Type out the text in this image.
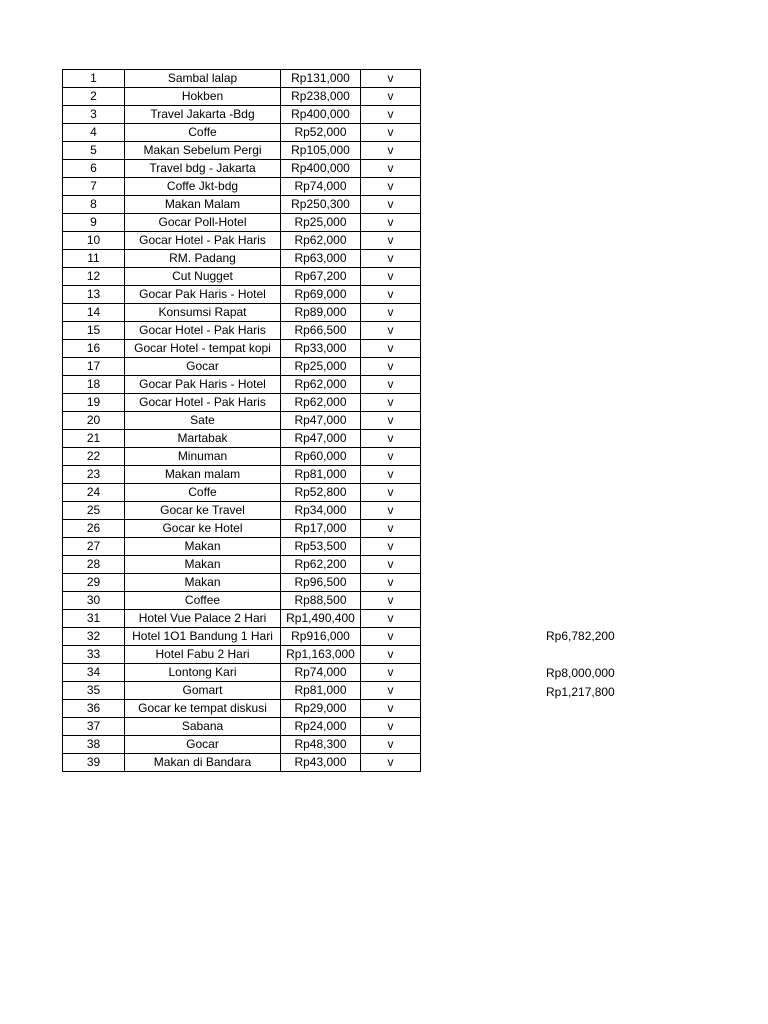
1	Sambal lalap	Rp131,000	v
2	Hokben	Rp238,000	v
3	Travel Jakarta -Bdg	Rp400,000	v
4	Coffe	Rp52,000	v
5	Makan Sebelum Pergi	Rp105,000	v
6	Travel bdg - Jakarta	Rp400,000	v
7	Coffe Jkt-bdg	Rp74,000	v
8	Makan Malam	Rp250,300	v
9	Gocar Poll-Hotel	Rp25,000	v
10	Gocar Hotel - Pak Haris	Rp62,000	v
11	RM. Padang	Rp63,000	v
12	Cut Nugget	Rp67,200	v
13	Gocar Pak Haris - Hotel	Rp69,000	v
14	Konsumsi Rapat	Rp89,000	v
15	Gocar Hotel - Pak Haris	Rp66,500	v
16	Gocar Hotel - tempat kopi	Rp33,000	v
17	Gocar	Rp25,000	v
18	Gocar Pak Haris - Hotel	Rp62,000	v
19	Gocar Hotel - Pak Haris	Rp62,000	v
20	Sate	Rp47,000	v
21	Martabak	Rp47,000	v
22	Minuman	Rp60,000	v
23	Makan malam	Rp81,000	v
24	Coffe	Rp52,800	v
25	Gocar ke Travel	Rp34,000	v
26	Gocar ke Hotel	Rp17,000	v
27	Makan	Rp53,500	v
28	Makan	Rp62,200	v
29	Makan	Rp96,500	v
30	Coffee	Rp88,500	v
31	Hotel Vue Palace 2 Hari	Rp1,490,400	v
32	Hotel 1O1 Bandung 1 Hari	Rp916,000	v
33	Hotel Fabu 2 Hari	Rp1,163,000	v
34	Lontong Kari	Rp74,000	v
35	Gomart	Rp81,000	v
36	Gocar ke tempat diskusi	Rp29,000	v
37	Sabana	Rp24,000	v
38	Gocar	Rp48,300	v
39	Makan di Bandara	Rp43,000	v
Rp6,782,200
Rp8,000,000
Rp1,217,800
